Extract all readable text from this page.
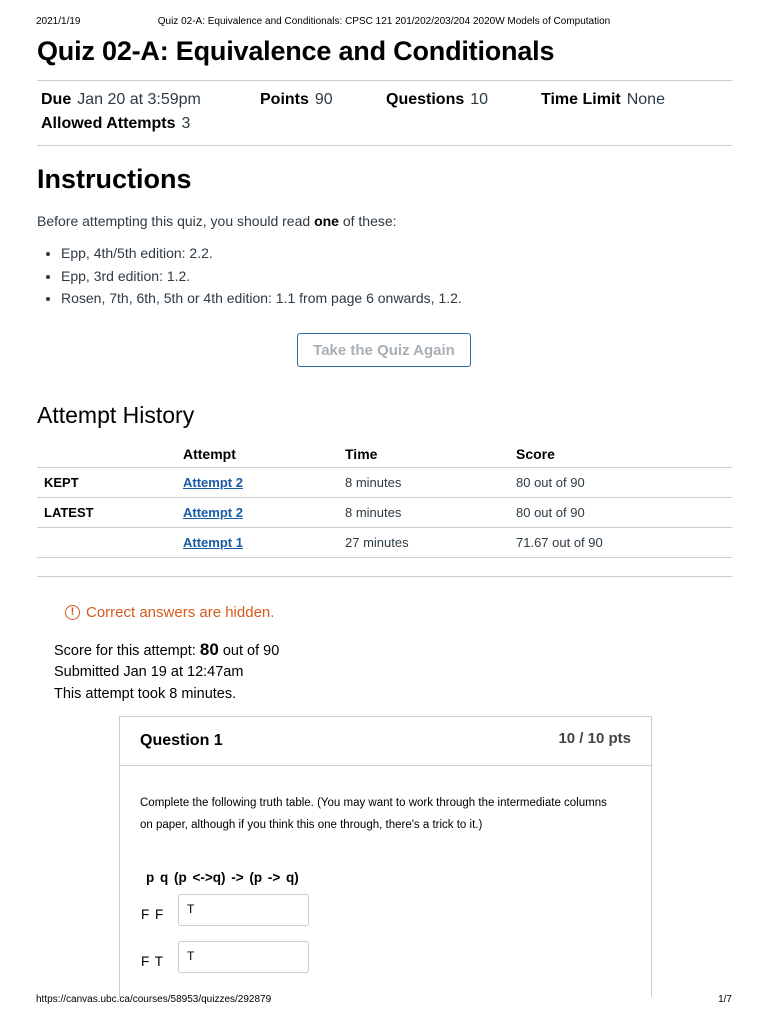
2021/1/19	Quiz 02-A: Equivalence and Conditionals: CPSC 121 201/202/203/204 2020W Models of Computation
Quiz 02-A: Equivalence and Conditionals
Due Jan 20 at 3:59pm	Points 90	Questions 10	Time Limit None
Allowed Attempts 3
Instructions
Before attempting this quiz, you should read one of these:
• Epp, 4th/5th edition: 2.2.
• Epp, 3rd edition: 1.2.
• Rosen, 7th, 6th, 5th or 4th edition: 1.1 from page 6 onwards, 1.2.
Take the Quiz Again
Attempt History
	Attempt	Time	Score
KEPT	Attempt 2	8 minutes	80 out of 90
LATEST	Attempt 2	8 minutes	80 out of 90
	Attempt 1	27 minutes	71.67 out of 90
! Correct answers are hidden.
Score for this attempt: 80 out of 90
Submitted Jan 19 at 12:47am
This attempt took 8 minutes.
Question 1	10 / 10 pts
Complete the following truth table. (You may want to work through the intermediate columns on paper, although if you think this one through, there's a trick to it.)
p q (p <->q) -> (p -> q)
F F	T
F T	T
https://canvas.ubc.ca/courses/58953/quizzes/292879	1/7
